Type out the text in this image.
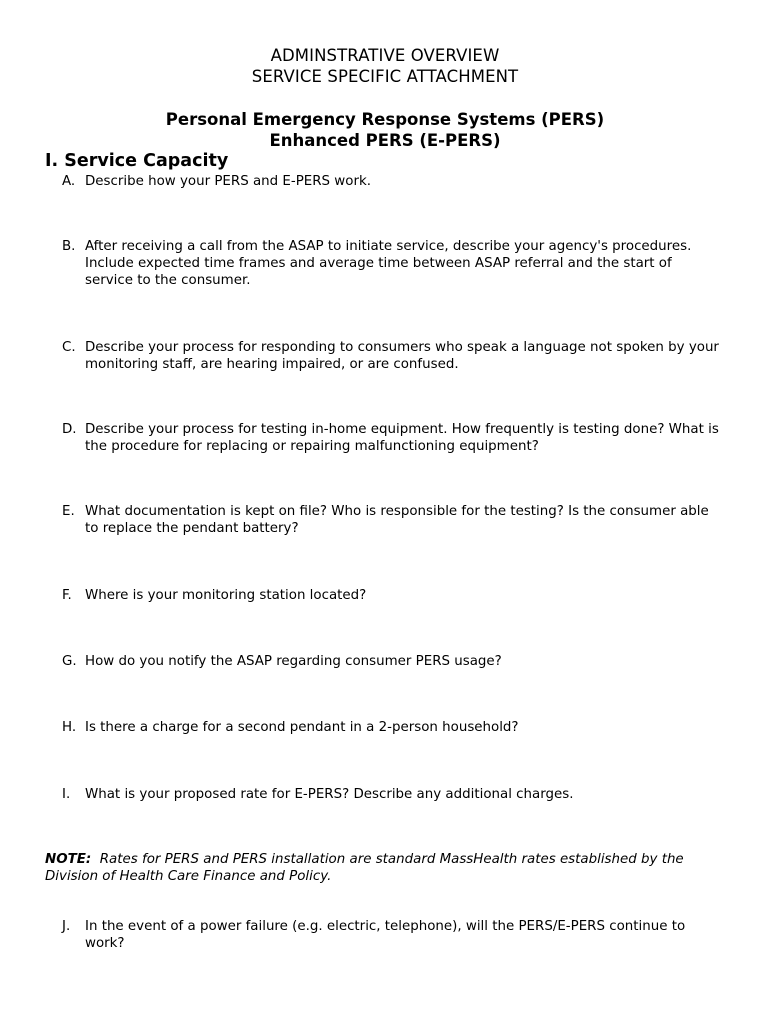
ADMINSTRATIVE OVERVIEW
SERVICE SPECIFIC ATTACHMENT
Personal Emergency Response Systems (PERS)
Enhanced PERS (E-PERS)
I. Service Capacity
A. Describe how your PERS and E-PERS work.
B. After receiving a call from the ASAP to initiate service, describe your agency's procedures. Include expected time frames and average time between ASAP referral and the start of service to the consumer.
C. Describe your process for responding to consumers who speak a language not spoken by your monitoring staff, are hearing impaired, or are confused.
D. Describe your process for testing in-home equipment. How frequently is testing done? What is the procedure for replacing or repairing malfunctioning equipment?
E. What documentation is kept on file? Who is responsible for the testing? Is the consumer able to replace the pendant battery?
F. Where is your monitoring station located?
G. How do you notify the ASAP regarding consumer PERS usage?
H. Is there a charge for a second pendant in a 2-person household?
I.	What is your proposed rate for E-PERS? Describe any additional charges.
NOTE: Rates for PERS and PERS installation are standard MassHealth rates established by the Division of Health Care Finance and Policy.
J.	In the event of a power failure (e.g. electric, telephone), will the PERS/E-PERS continue to work?
